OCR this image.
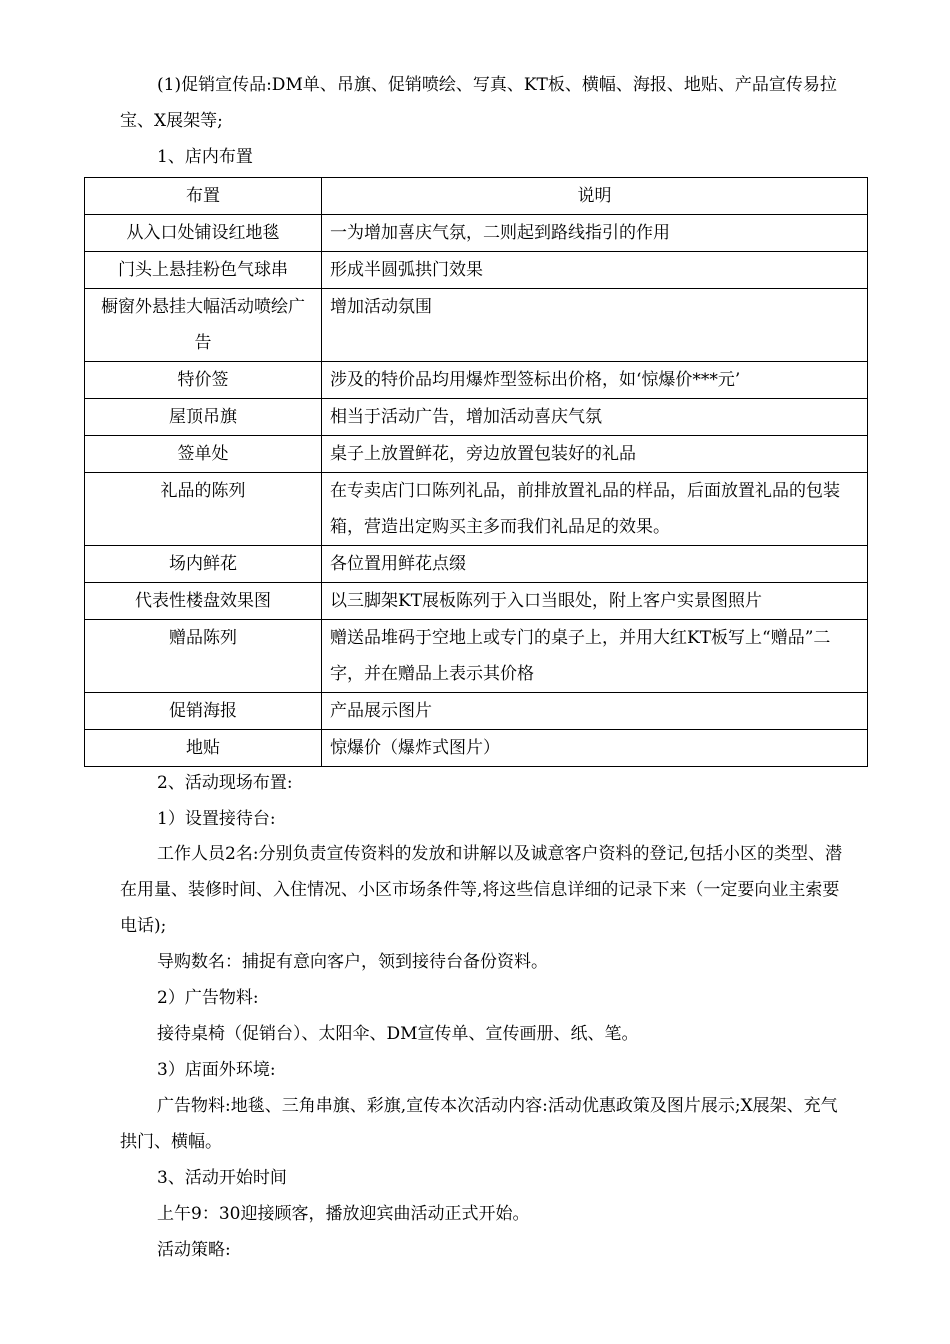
(1)促销宣传品:DM单、吊旗、促销喷绘、写真、KT板、横幅、海报、地贴、产品宣传易拉宝、X展架等;

1、店内布置

布置	说明
从入口处铺设红地毯	一为增加喜庆气氛，二则起到路线指引的作用
门头上悬挂粉色气球串	形成半圆弧拱门效果
橱窗外悬挂大幅活动喷绘广告	增加活动氛围
特价签	涉及的特价品均用爆炸型签标出价格，如‘惊爆价***元’
屋顶吊旗	相当于活动广告，增加活动喜庆气氛
签单处	桌子上放置鲜花，旁边放置包装好的礼品
礼品的陈列	在专卖店门口陈列礼品，前排放置礼品的样品，后面放置礼品的包装箱，营造出定购买主多而我们礼品足的效果。
场内鲜花	各位置用鲜花点缀
代表性楼盘效果图	以三脚架KT展板陈列于入口当眼处，附上客户实景图照片
赠品陈列	赠送品堆码于空地上或专门的桌子上，并用大红KT板写上“赠品”二字，并在赠品上表示其价格
促销海报	产品展示图片
地贴	惊爆价（爆炸式图片）

2、活动现场布置:

1）设置接待台:

工作人员2名:分别负责宣传资料的发放和讲解以及诚意客户资料的登记,包括小区的类型、潜在用量、装修时间、入住情况、小区市场条件等,将这些信息详细的记录下来（一定要向业主索要电话);

导购数名：捕捉有意向客户，领到接待台备份资料。

2）广告物料:

接待桌椅（促销台）、太阳伞、DM宣传单、宣传画册、纸、笔。

3）店面外环境:

广告物料:地毯、三角串旗、彩旗,宣传本次活动内容:活动优惠政策及图片展示;X展架、充气拱门、横幅。

3、活动开始时间

上午9：30迎接顾客，播放迎宾曲活动正式开始。

活动策略:
